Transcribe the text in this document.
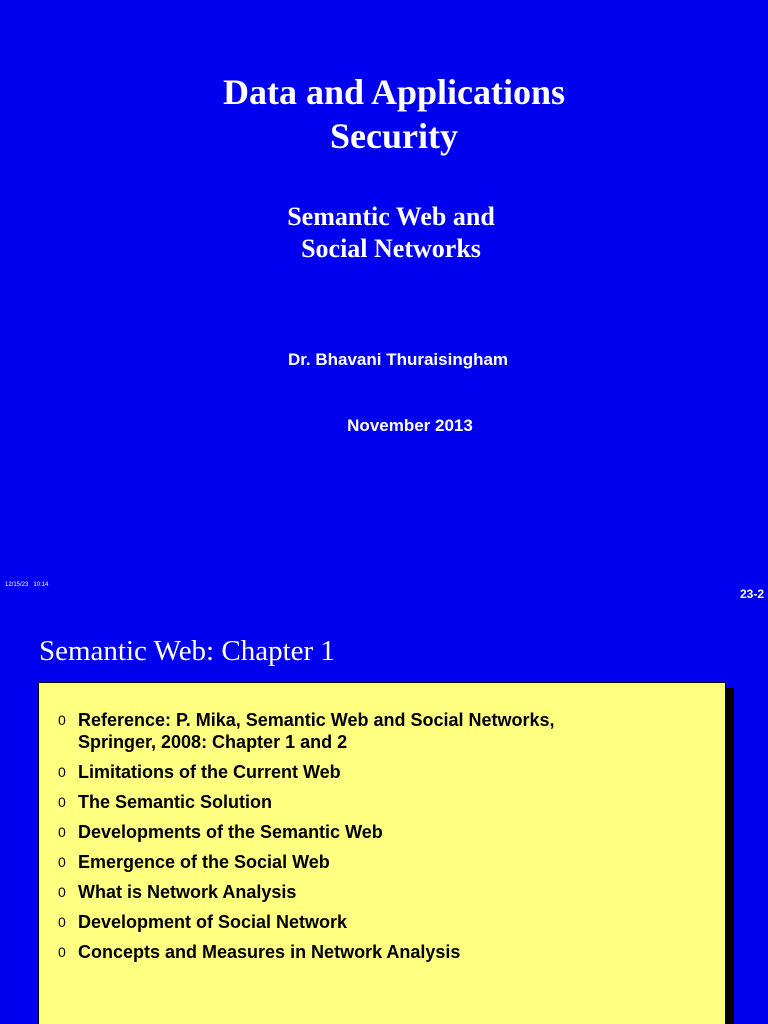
Data and Applications
Security
Semantic Web and
Social Networks
Dr. Bhavani Thuraisingham
November 2013
12/15/23   10:14
23-2
Semantic Web: Chapter 1
0 Reference: P. Mika, Semantic Web and Social Networks,
Springer, 2008: Chapter 1 and 2
0 Limitations of the Current Web
0 The Semantic Solution
0 Developments of the Semantic Web
0 Emergence of the Social Web
0 What is Network Analysis
0 Development of Social Network
0 Concepts and Measures in Network Analysis
